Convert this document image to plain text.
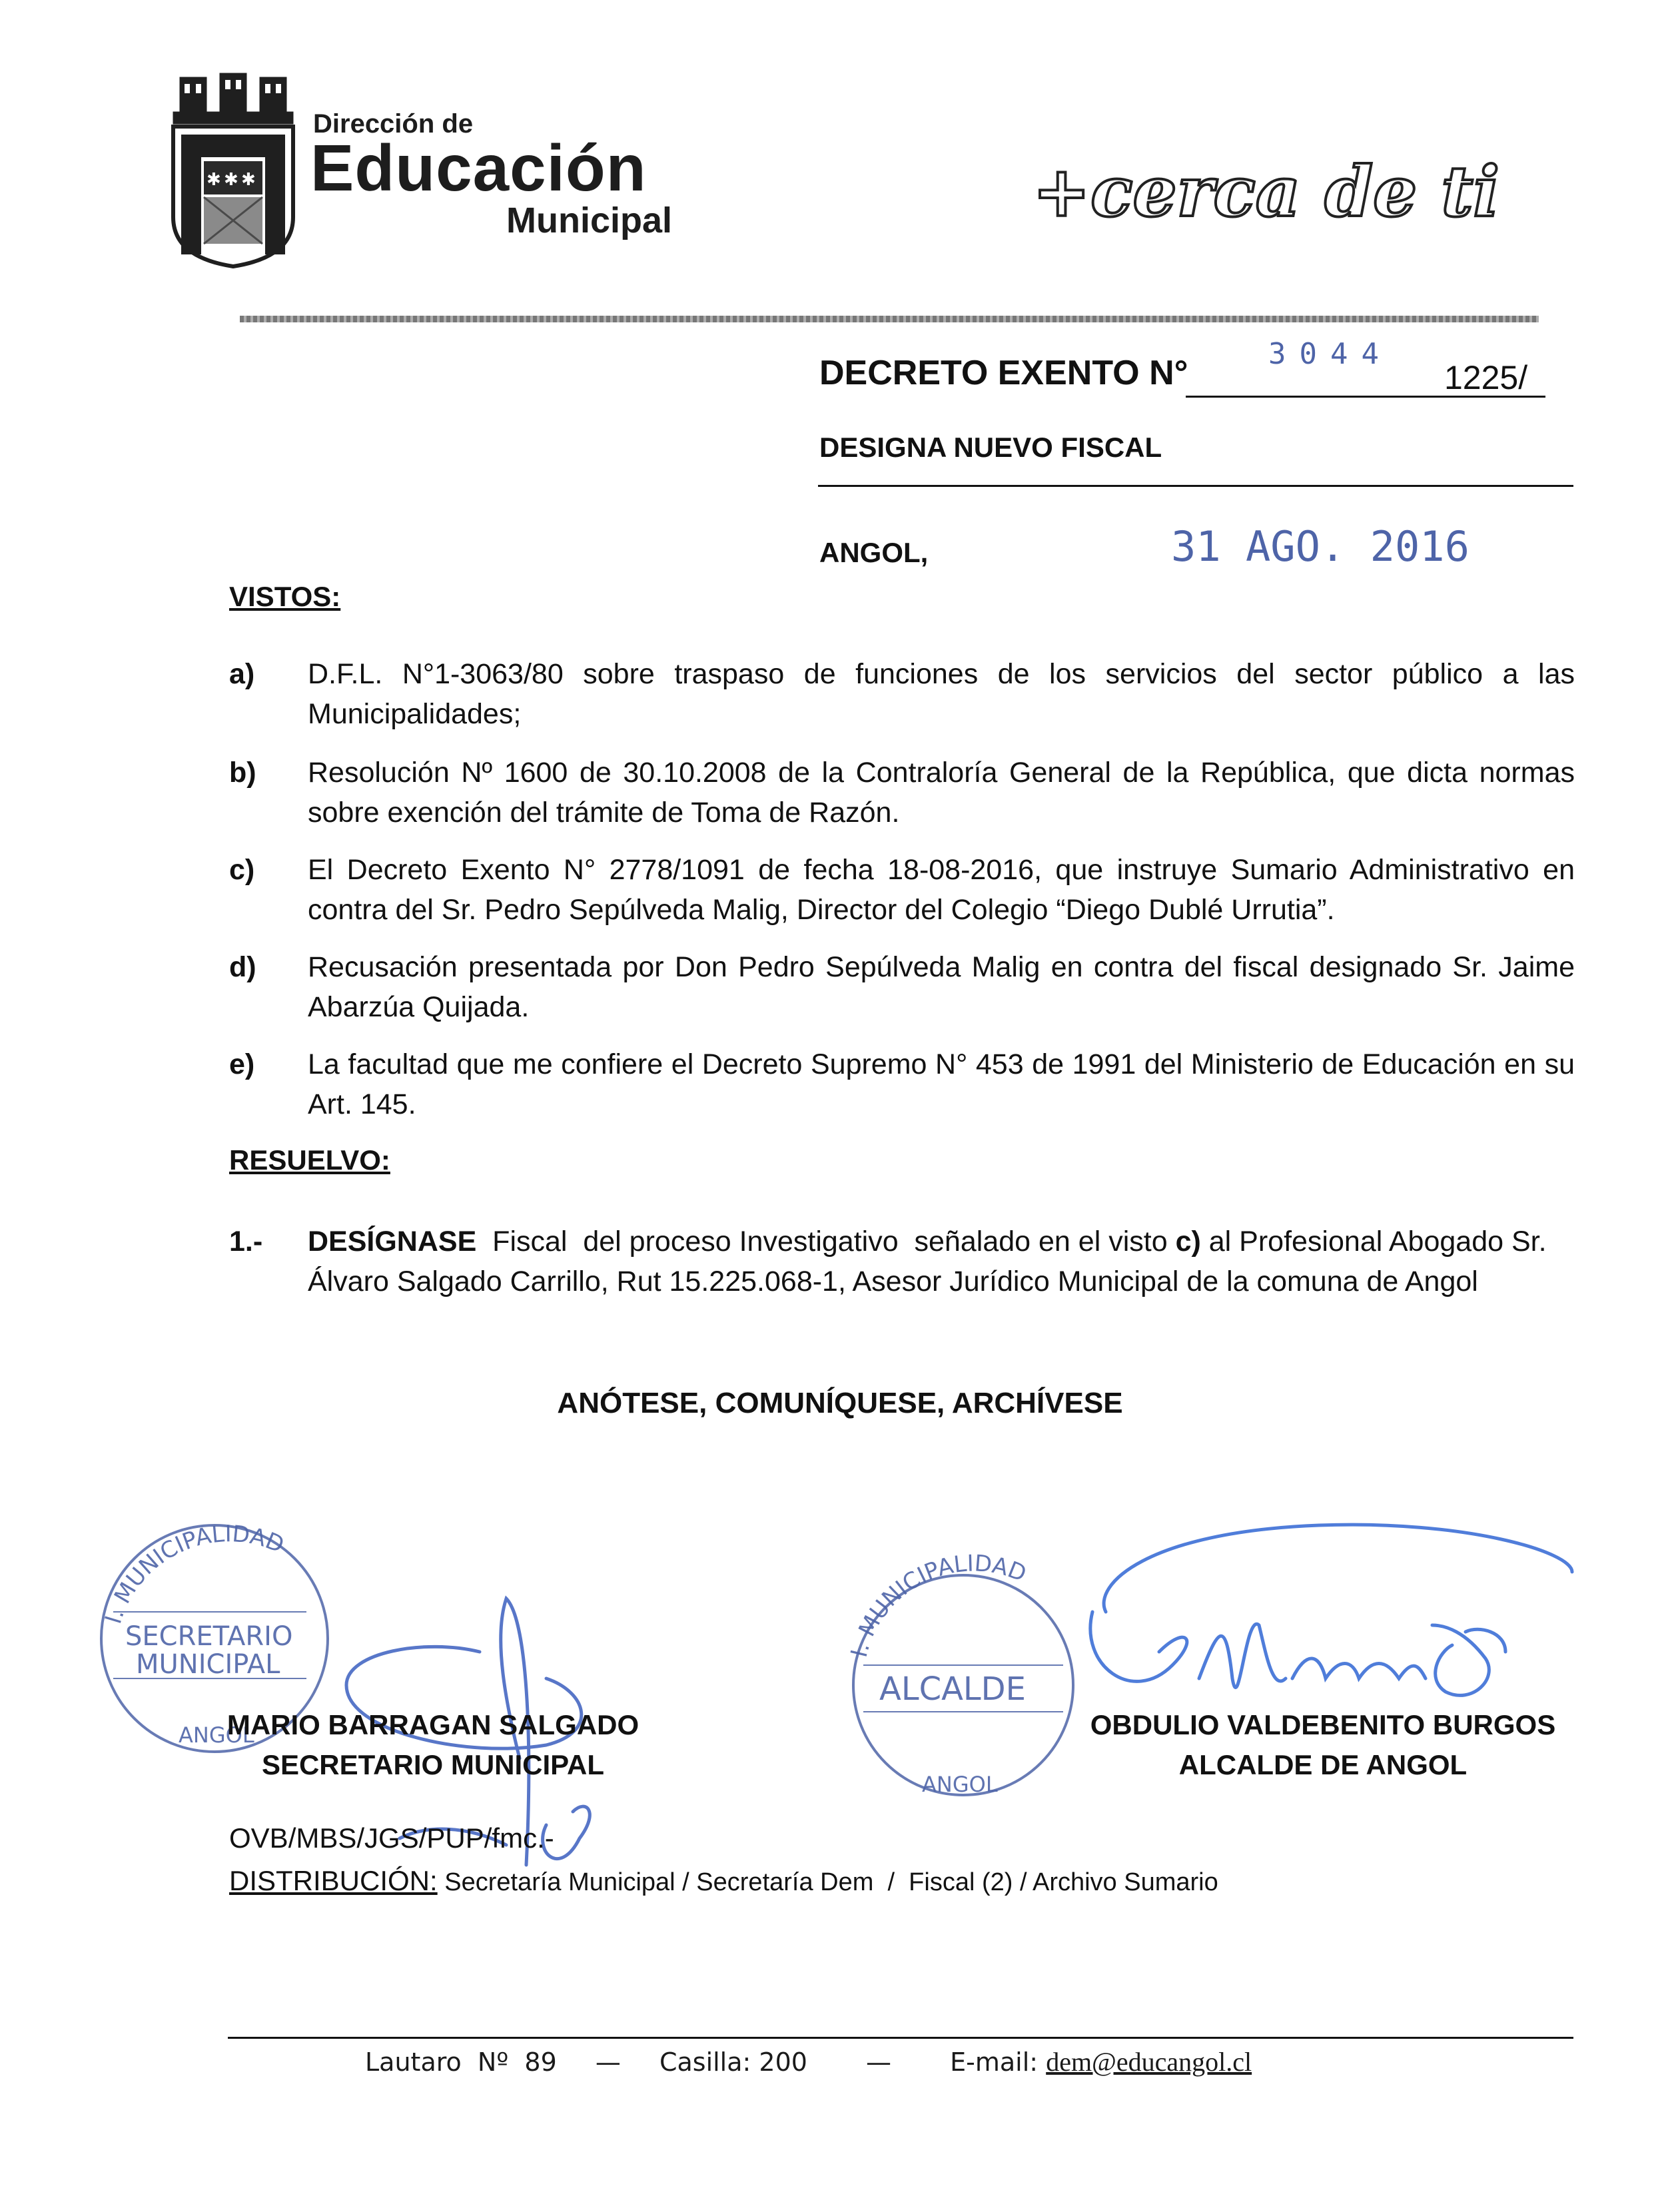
✱ ✱ ✱
Dirección de
Educación
Municipal	+cerca de ti
DECRETO EXENTO N°	3044
1225/
DESIGNA NUEVO FISCAL
ANGOL,	31 AGO. 2016
VISTOS:
a) D.F.L. N°1-3063/80 sobre traspaso de funciones de los servicios del sector público a las Municipalidades;
b) Resolución Nº 1600 de 30.10.2008 de la Contraloría General de la República, que dicta normas sobre exención del trámite de Toma de Razón.
c) El Decreto Exento N° 2778/1091 de fecha 18-08-2016, que instruye Sumario Administrativo en contra del Sr. Pedro Sepúlveda Malig, Director del Colegio “Diego Dublé Urrutia”.
d) Recusación presentada por Don Pedro Sepúlveda Malig en contra del fiscal designado Sr. Jaime Abarzúa Quijada.
e) La facultad que me confiere el Decreto Supremo N° 453 de 1991 del Ministerio de Educación en su Art. 145.
RESUELVO:
1.- DESÍGNASE  Fiscal  del proceso Investigativo  señalado en el visto c) al Profesional Abogado Sr. Álvaro Salgado Carrillo, Rut 15.225.068-1, Asesor Jurídico Municipal de la comuna de Angol
ANÓTESE, COMUNÍQUESE, ARCHÍVESE
I. MUNICIPALIDAD
SECRETARIO
MUNICIPAL
ANGOL
I. MUNICIPALIDAD
ALCALDE
ANGOL
MARIO BARRAGAN SALGADO
SECRETARIO MUNICIPAL
OBDULIO VALDEBENITO BURGOS
ALCALDE DE ANGOL
OVB/MBS/JGS/PUP/fmc.-
DISTRIBUCIÓN: Secretaría Municipal / Secretaría Dem  /  Fiscal (2) / Archivo Sumario
Lautaro  Nº  89 — Casilla: 200 — E-mail: dem@educangol.cl
